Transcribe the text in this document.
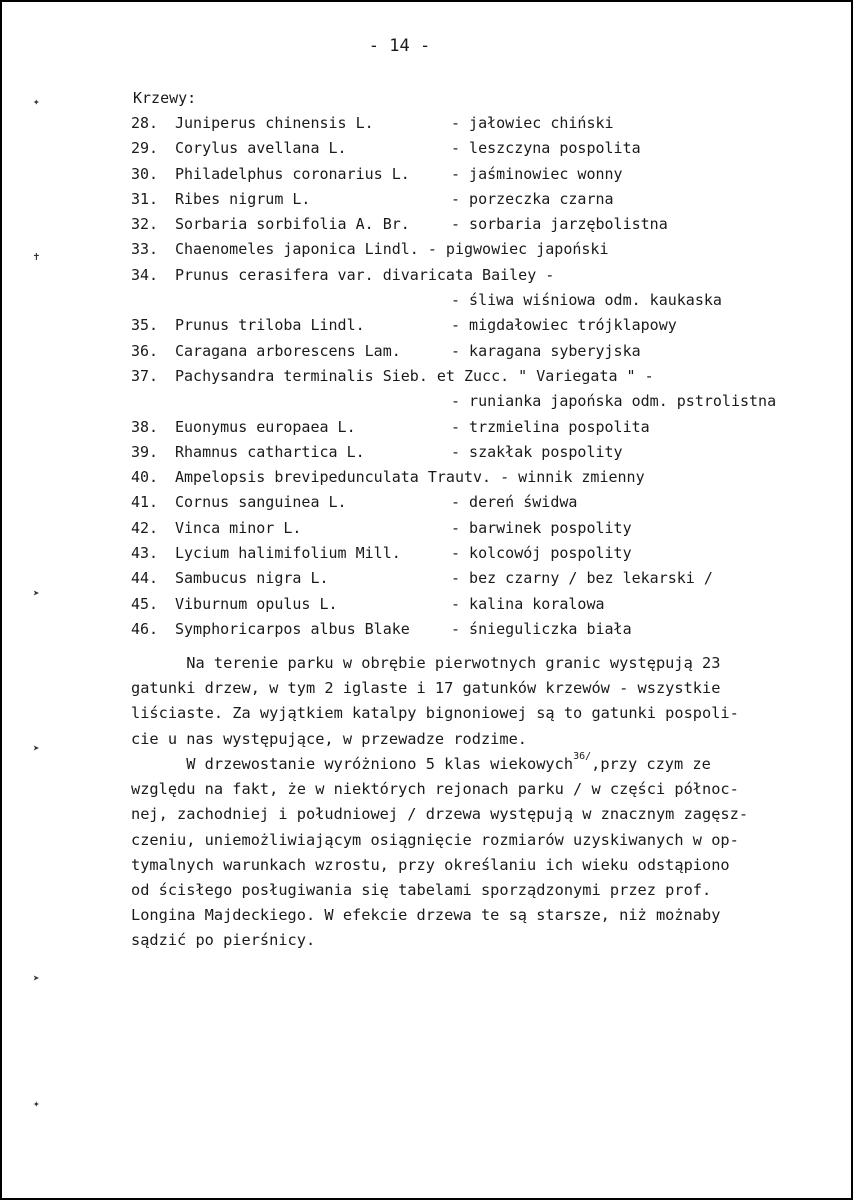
- 14 -
✦
✝
➤
➤
➤
✦
Krzewy:
28. Juniperus chinensis L.	- jałowiec chiński
29. Corylus avellana L.	- leszczyna pospolita
30. Philadelphus coronarius L.	- jaśminowiec wonny
31. Ribes nigrum L.	- porzeczka czarna
32. Sorbaria sorbifolia A. Br.	- sorbaria jarzębolistna
33. Chaenomeles japonica Lindl. - pigwowiec japoński
34. Prunus cerasifera var. divaricata Bailey -
- śliwa wiśniowa odm. kaukaska
35. Prunus triloba Lindl.	- migdałowiec trójklapowy
36. Caragana arborescens Lam.	- karagana syberyjska
37. Pachysandra terminalis Sieb. et Zucc. " Variegata " -
- runianka japońska odm. pstrolistna
38. Euonymus europaea L.	- trzmielina pospolita
39. Rhamnus cathartica L.	- szakłak pospolity
40. Ampelopsis brevipedunculata Trautv. - winnik zmienny
41. Cornus sanguinea L.	- dereń świdwa
42. Vinca minor L.	- barwinek pospolity
43. Lycium halimifolium Mill.	- kolcowój pospolity
44. Sambucus nigra L.	- bez czarny / bez lekarski /
45. Viburnum opulus L.	- kalina koralowa
46. Symphoricarpos albus Blake	- śnieguliczka biała
Na terenie parku w obrębie pierwotnych granic występują 23
gatunki drzew, w tym 2 iglaste i 17 gatunków krzewów - wszystkie
liściaste. Za wyjątkiem katalpy bignoniowej są to gatunki pospoli-
cie u nas występujące, w przewadze rodzime.
W drzewostanie wyróżniono 5 klas wiekowych$^{36/}$,przy czym ze
względu na fakt, że w niektórych rejonach parku / w części północ-
nej, zachodniej i południowej / drzewa występują w znacznym zagęsz-
czeniu, uniemożliwiającym osiągnięcie rozmiarów uzyskiwanych w op-
tymalnych warunkach wzrostu, przy określaniu ich wieku odstąpiono
od ścisłego posługiwania się tabelami sporządzonymi przez prof.
Longina Majdeckiego. W efekcie drzewa te są starsze, niż możnaby
sądzić po pierśnicy.
